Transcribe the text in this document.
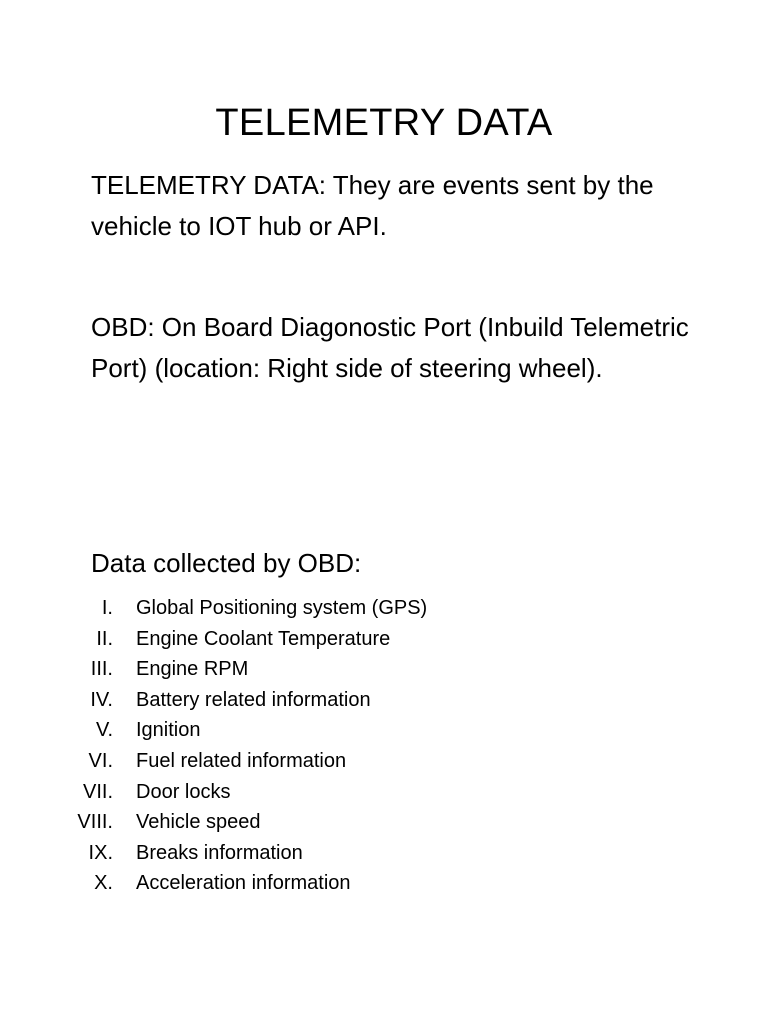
TELEMETRY DATA

TELEMETRY DATA: They are events sent by the vehicle to IOT hub or API.

OBD: On Board Diagonostic Port (Inbuild Telemetric Port) (location: Right side of steering wheel).

Data collected by OBD:

I. Global Positioning system (GPS)
II. Engine Coolant Temperature
III. Engine RPM
IV. Battery related information
V. Ignition
VI. Fuel related information
VII. Door locks
VIII. Vehicle speed
IX. Breaks information
X. Acceleration information
